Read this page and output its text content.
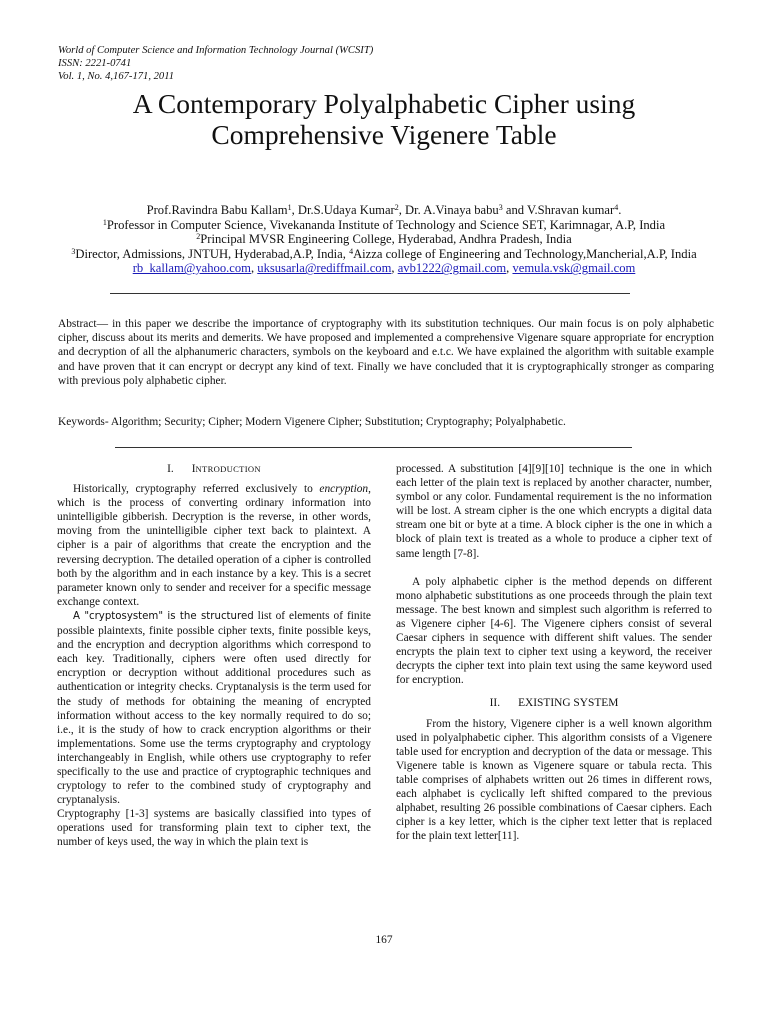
World of Computer Science and Information Technology Journal (WCSIT)
ISSN: 2221-0741
Vol. 1, No. 4,167-171, 2011
A Contemporary Polyalphabetic Cipher using
Comprehensive Vigenere Table
Prof.Ravindra Babu Kallam$^1$, Dr.S.Udaya Kumar$^2$, Dr. A.Vinaya babu$^3$ and V.Shravan kumar$^4$.
$^1$Professor in Computer Science, Vivekananda Institute of Technology and Science SET, Karimnagar, A.P, India
$^2$Principal MVSR Engineering College, Hyderabad, Andhra Pradesh, India
$^3$Director, Admissions, JNTUH, Hyderabad,A.P, India, $^4$Aizza college of Engineering and Technology,Mancherial,A.P, India
rb_kallam@yahoo.com, uksusarla@rediffmail.com, avb1222@gmail.com, vemula.vsk@gmail.com

Abstract— in this paper we describe the importance of cryptography with its substitution techniques. Our main focus is on poly alphabetic cipher, discuss about its merits and demerits. We have proposed and implemented a comprehensive Vigenare square appropriate for encryption and decryption of all the alphanumeric characters, symbols on the keyboard and e.t.c. We have explained the algorithm with suitable example and have proven that it can encrypt or decrypt any kind of text. Finally we have concluded that it is cryptographically stronger as comparing with previous poly alphabetic cipher.

Keywords- Algorithm; Security; Cipher; Modern Vigenere Cipher; Substitution; Cryptography; Polyalphabetic.

I. INTRODUCTION

Historically, cryptography referred exclusively to encryption, which is the process of converting ordinary information into unintelligible gibberish. Decryption is the reverse, in other words, moving from the unintelligible cipher text back to plaintext. A cipher is a pair of algorithms that create the encryption and the reversing decryption. The detailed operation of a cipher is controlled both by the algorithm and in each instance by a key. This is a secret parameter known only to sender and receiver for a specific message exchange context.

A "cryptosystem" is the structured list of elements of finite possible plaintexts, finite possible cipher texts, finite possible keys, and the encryption and decryption algorithms which correspond to each key. Traditionally, ciphers were often used directly for encryption or decryption without additional procedures such as authentication or integrity checks. Cryptanalysis is the term used for the study of methods for obtaining the meaning of encrypted information without access to the key normally required to do so; i.e., it is the study of how to crack encryption algorithms or their implementations. Some use the terms cryptography and cryptology interchangeably in English, while others use cryptography to refer specifically to the use and practice of cryptographic techniques and cryptology to refer to the combined study of cryptography and cryptanalysis.

Cryptography [1-3] systems are basically classified into types of operations used for transforming plain text to cipher text, the number of keys used, the way in which the plain text is

processed. A substitution [4][9][10] technique is the one in which each letter of the plain text is replaced by another character, number, symbol or any color. Fundamental requirement is the no information will be lost. A stream cipher is the one which encrypts a digital data stream one bit or byte at a time. A block cipher is the one in which a block of plain text is treated as a whole to produce a cipher text of same length [7-8].

A poly alphabetic cipher is the method depends on different mono alphabetic substitutions as one proceeds through the plain text message. The best known and simplest such algorithm is referred to as Vigenere cipher [4-6]. The Vigenere ciphers consist of several Caesar ciphers in sequence with different shift values. The sender encrypts the plain text to cipher text using a keyword, the receiver decrypts the cipher text into plain text using the same keyword used for encryption.

II. EXISTING SYSTEM

From the history, Vigenere cipher is a well known algorithm used in polyalphabetic cipher. This algorithm consists of a Vigenere table used for encryption and decryption of the data or message. This Vigenere table is known as Vigenere square or tabula recta. This table comprises of alphabets written out 26 times in different rows, each alphabet is cyclically left shifted compared to the previous alphabet, resulting 26 possible combinations of Caesar ciphers. Each cipher is a key letter, which is the cipher text letter that is replaced for the plain text letter[11].

167
